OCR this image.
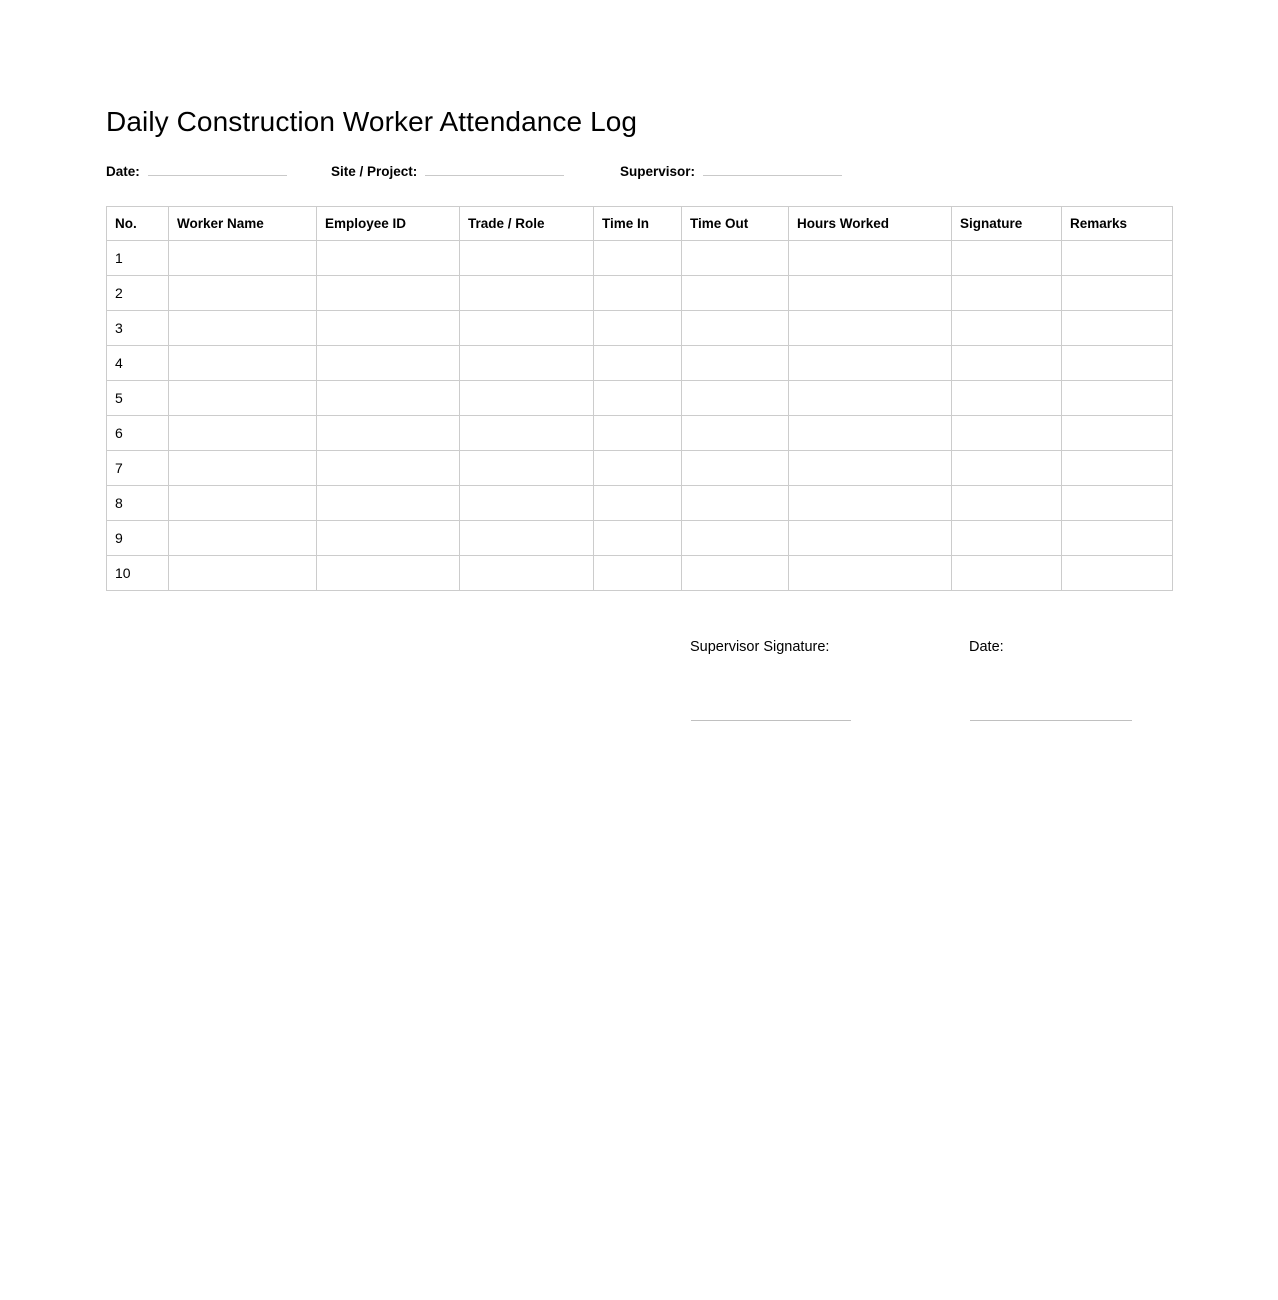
Daily Construction Worker Attendance Log
Date:	Site / Project:	Supervisor:
No.	Worker Name	Employee ID	Trade / Role	Time In	Time Out	Hours Worked	Signature	Remarks
1								
2								
3								
4								
5								
6								
7								
8								
9								
10								
Supervisor Signature:	Date:
